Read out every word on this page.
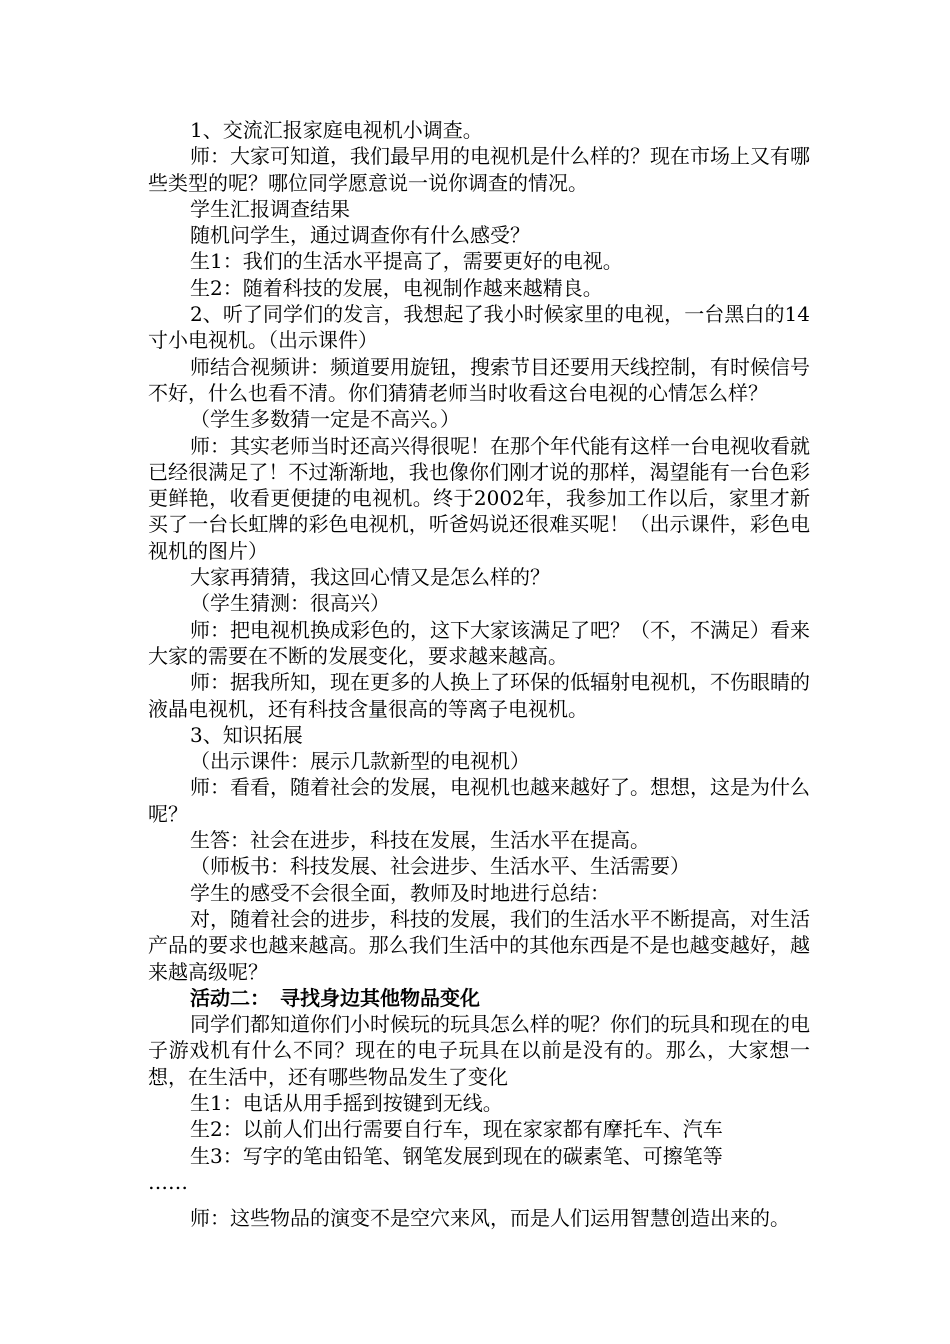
1、交流汇报家庭电视机小调查。

师：大家可知道，我们最早用的电视机是什么样的？现在市场上又有哪些类型的呢？哪位同学愿意说一说你调查的情况。

学生汇报调查结果

随机问学生，通过调查你有什么感受？

生1：我们的生活水平提高了，需要更好的电视。

生2：随着科技的发展，电视制作越来越精良。

2、听了同学们的发言，我想起了我小时候家里的电视，一台黑白的14寸小电视机。（出示课件）

师结合视频讲：频道要用旋钮，搜索节目还要用天线控制，有时候信号不好，什么也看不清。你们猜猜老师当时收看这台电视的心情怎么样？

（学生多数猜一定是不高兴。）

师：其实老师当时还高兴得很呢！在那个年代能有这样一台电视收看就已经很满足了！不过渐渐地，我也像你们刚才说的那样，渴望能有一台色彩更鲜艳，收看更便捷的电视机。终于2002年，我参加工作以后，家里才新买了一台长虹牌的彩色电视机，听爸妈说还很难买呢！（出示课件，彩色电视机的图片）

大家再猜猜，我这回心情又是怎么样的？

（学生猜测：很高兴）

师：把电视机换成彩色的，这下大家该满足了吧？（不，不满足）看来大家的需要在不断的发展变化，要求越来越高。

师：据我所知，现在更多的人换上了环保的低辐射电视机，不伤眼睛的液晶电视机，还有科技含量很高的等离子电视机。

3、知识拓展

（出示课件：展示几款新型的电视机）

师：看看，随着社会的发展，电视机也越来越好了。想想，这是为什么呢？

生答：社会在进步，科技在发展，生活水平在提高。

（师板书：科技发展、社会进步、生活水平、生活需要）

学生的感受不会很全面，教师及时地进行总结：

对，随着社会的进步，科技的发展，我们的生活水平不断提高，对生活产品的要求也越来越高。那么我们生活中的其他东西是不是也越变越好，越来越高级呢？

活动二：　寻找身边其他物品变化

同学们都知道你们小时候玩的玩具怎么样的呢？你们的玩具和现在的电子游戏机有什么不同？现在的电子玩具在以前是没有的。那么，大家想一想，在生活中，还有哪些物品发生了变化

生1：电话从用手摇到按键到无线。

生2：以前人们出行需要自行车，现在家家都有摩托车、汽车

生3：写字的笔由铅笔、钢笔发展到现在的碳素笔、可擦笔等

……

师：这些物品的演变不是空穴来风，而是人们运用智慧创造出来的。
